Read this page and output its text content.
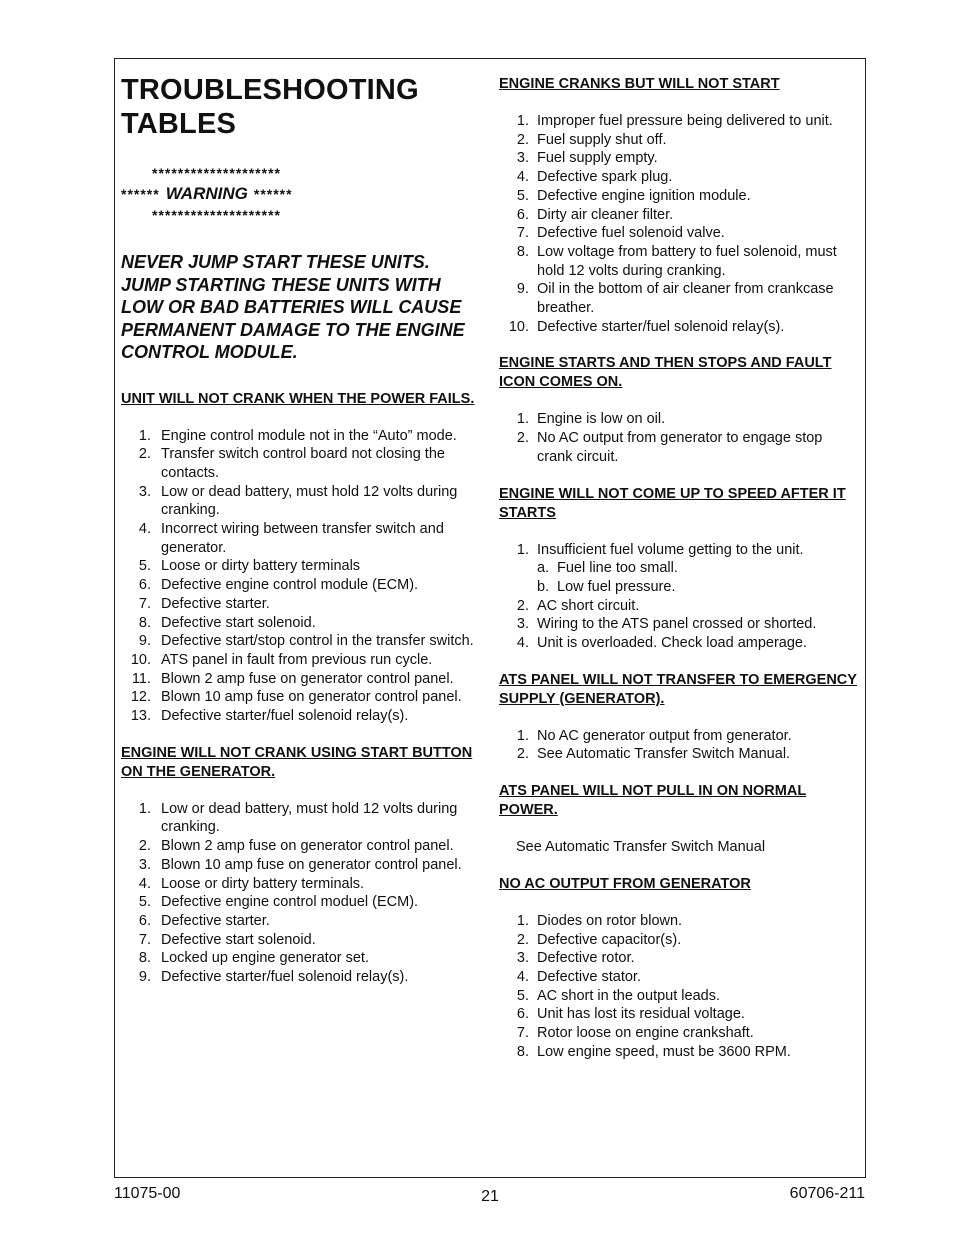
TROUBLESHOOTING TABLES
********************
****** WARNING ******
********************

NEVER JUMP START THESE UNITS. JUMP STARTING THESE UNITS WITH LOW OR BAD BATTERIES WILL CAUSE PERMANENT DAMAGE TO THE ENGINE CONTROL MODULE.

UNIT WILL NOT CRANK WHEN THE POWER FAILS.
1. Engine control module not in the “Auto” mode.
2. Transfer switch control board not closing the contacts.
3. Low or dead battery, must hold 12 volts during cranking.
4. Incorrect wiring between transfer switch and generator.
5. Loose or dirty battery terminals
6. Defective engine control module (ECM).
7. Defective starter.
8. Defective start solenoid.
9. Defective start/stop control in the transfer switch.
10. ATS panel in fault from previous run cycle.
11. Blown 2 amp fuse on generator control panel.
12. Blown 10 amp fuse on generator control panel.
13. Defective starter/fuel solenoid relay(s).
ENGINE WILL NOT CRANK USING START BUTTON ON THE GENERATOR.
1. Low or dead battery, must hold 12 volts during cranking.
2. Blown 2 amp fuse on generator control panel.
3. Blown 10 amp fuse on generator control panel.
4. Loose or dirty battery terminals.
5. Defective engine control moduel (ECM).
6. Defective starter.
7. Defective start solenoid.
8. Locked up engine generator set.
9. Defective starter/fuel solenoid relay(s).
ENGINE CRANKS BUT WILL NOT START
1. Improper fuel pressure being delivered to unit.
2. Fuel supply shut off.
3. Fuel supply empty.
4. Defective spark plug.
5. Defective engine ignition module.
6. Dirty air cleaner filter.
7. Defective fuel solenoid valve.
8. Low voltage from battery to fuel solenoid, must hold 12 volts during cranking.
9. Oil in the bottom of air cleaner from crankcase breather.
10. Defective starter/fuel solenoid relay(s).
ENGINE STARTS AND THEN STOPS AND FAULT ICON COMES ON.
1. Engine is low on oil.
2. No AC output from generator to engage stop crank circuit.
ENGINE WILL NOT COME UP TO SPEED AFTER IT STARTS
1. Insufficient fuel volume getting to the unit.
a. Fuel line too small.
b. Low fuel pressure.
2. AC short circuit.
3. Wiring to the ATS panel crossed or shorted.
4. Unit is overloaded. Check load amperage.
ATS PANEL WILL NOT TRANSFER TO EMERGENCY SUPPLY (GENERATOR).
1. No AC generator output from generator.
2. See Automatic Transfer Switch Manual.
ATS PANEL WILL NOT PULL IN ON NORMAL POWER.

See Automatic Transfer Switch Manual

NO AC OUTPUT FROM GENERATOR
1. Diodes on rotor blown.
2. Defective capacitor(s).
3. Defective rotor.
4. Defective stator.
5. AC short in the output leads.
6. Unit has lost its residual voltage.
7. Rotor loose on engine crankshaft.
8. Low engine speed, must be 3600 RPM.
11075-00	21	60706-211
